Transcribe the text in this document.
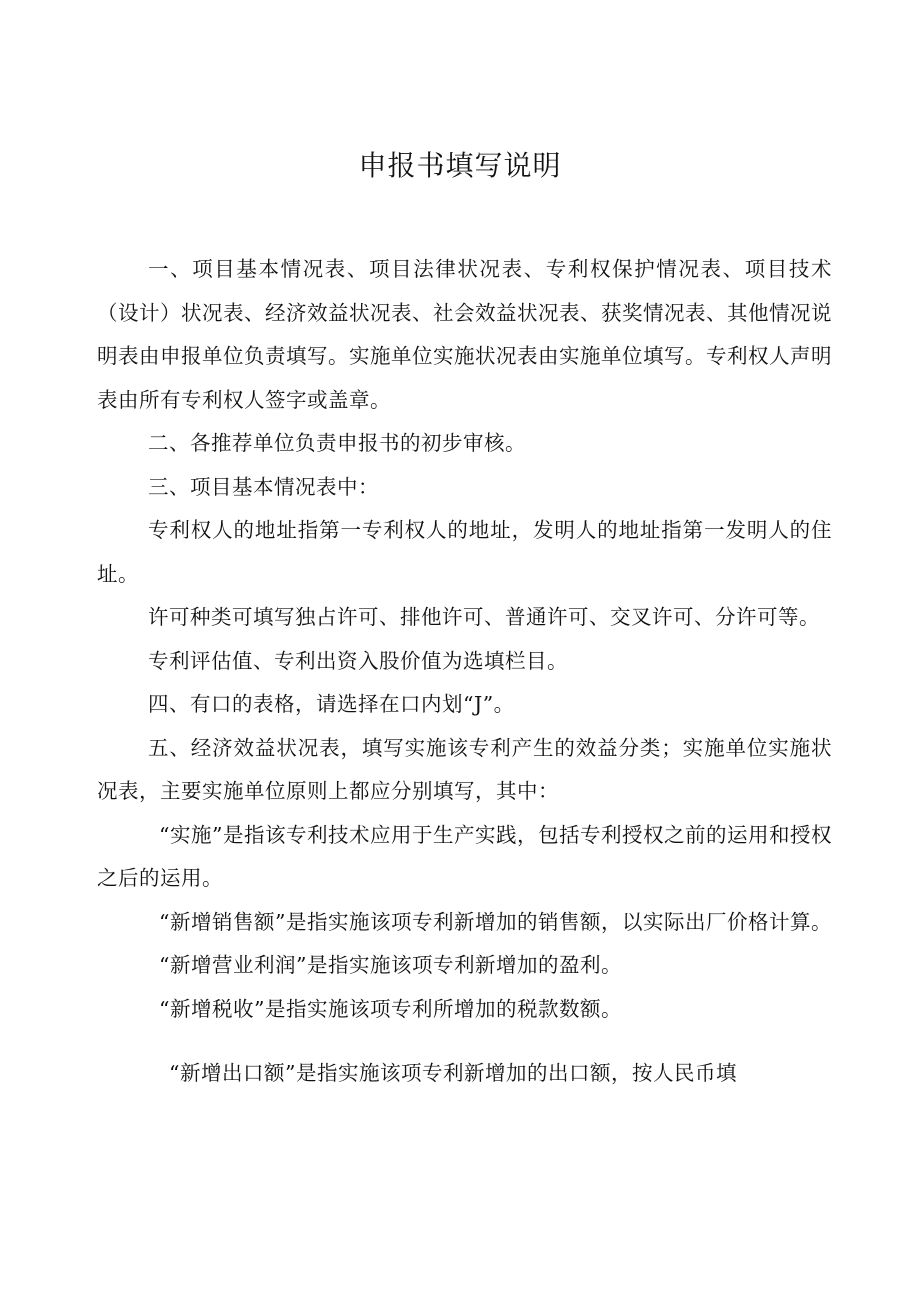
申报书填写说明

一、项目基本情况表、项目法律状况表、专利权保护情况表、项目技术（设计）状况表、经济效益状况表、社会效益状况表、获奖情况表、其他情况说明表由申报单位负责填写。实施单位实施状况表由实施单位填写。专利权人声明表由所有专利权人签字或盖章。

二、各推荐单位负责申报书的初步审核。

三、项目基本情况表中：

专利权人的地址指第一专利权人的地址，发明人的地址指第一发明人的住址。

许可种类可填写独占许可、排他许可、普通许可、交叉许可、分许可等。

专利评估值、专利出资入股价值为选填栏目。

四、有口的表格，请选择在口内划“J”。

五、经济效益状况表，填写实施该专利产生的效益分类；实施单位实施状况表，主要实施单位原则上都应分别填写，其中：

“实施”是指该专利技术应用于生产实践，包括专利授权之前的运用和授权之后的运用。

“新增销售额”是指实施该项专利新增加的销售额，以实际出厂价格计算。

“新增营业利润”是指实施该项专利新增加的盈利。

“新增税收”是指实施该项专利所增加的税款数额。

“新增出口额”是指实施该项专利新增加的出口额，按人民币填
